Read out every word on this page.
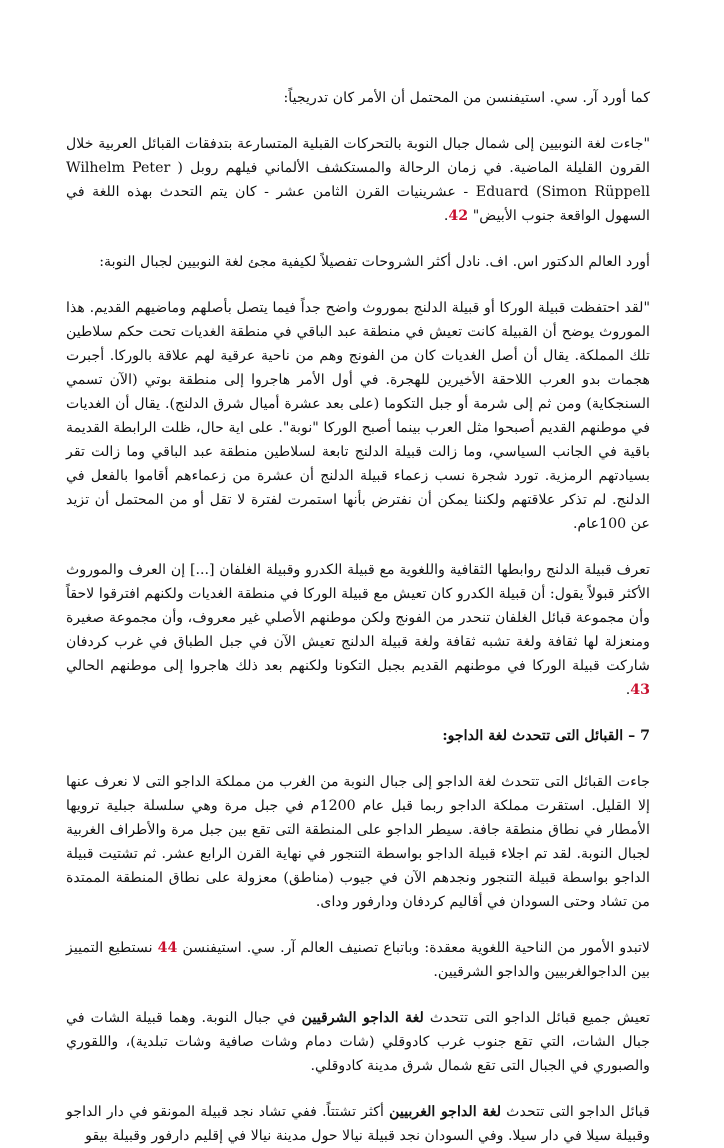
كما أورد آر. سي. استيفنسن من المحتمل أن الأمر كان تدريجياً:

"جاءت لغة النوبيين إلى شمال جبال النوبة بالتحركات القبلية المتسارعة بتدفقات القبائل العربية خلال القرون القليلة الماضية. في زمان الرحالة والمستكشف الألماني فيلهم روبل ( Wilhelm Peter Eduard (Simon Rüppell - عشرينيات القرن الثامن عشر - كان يتم التحدث بهذه اللغة في السهول الواقعة جنوب الأبيض" 42.

أورد العالم الدكتور اس. اف. نادل أكثر الشروحات تفصيلاً لكيفية مجئ لغة النوبيين لجبال النوبة:

"لقد احتفظت قبيلة الوركا أو قبيلة الدلنج بموروث واضح جداً فيما يتصل بأصلهم وماضيهم القديم. هذا الموروث يوضح أن القبيلة كانت تعيش في منطقة عبد الباقي في منطقة الغديات تحت حكم سلاطين تلك المملكة. يقال أن أصل الغديات كان من الفونج وهم من ناحية عرقية لهم علاقة بالوركا. أجبرت هجمات بدو العرب اللاحقة الأخيرين للهجرة. في أول الأمر هاجروا إلى منطقة بوتي (الآن تسمي السنجكاية) ومن ثم إلى شرمة أو جبل التكوما (على بعد عشرة أميال شرق الدلنج). يقال أن الغديات في موطنهم القديم أصبحوا مثل العرب بينما أصبح الوركا "نوبة". على اية حال، ظلت الرابطة القديمة باقية في الجانب السياسي، وما زالت قبيلة الدلنج تابعة لسلاطين منطقة عبد الباقي وما زالت تقر بسيادتهم الرمزية. تورد شجرة نسب زعماء قبيلة الدلنج أن عشرة من زعماءهم أقاموا بالفعل في الدلنج. لم تذكر علاقتهم ولكننا يمكن أن نفترض بأنها استمرت لفترة لا تقل أو من المحتمل أن تزيد عن 100عام.

تعرف قبيلة الدلنج روابطها الثقافية واللغوية مع قبيلة الكدرو وقبيلة الغلفان [...] إن العرف والموروث الأكثر قبولاً يقول: أن قبيلة الكدرو كان تعيش مع قبيلة الوركا في منطقة الغديات ولكنهم افترقوا لاحقاً وأن مجموعة قبائل الغلفان تنحدر من الفونج ولكن موطنهم الأصلي غير معروف، وأن مجموعة صغيرة ومنعزلة لها ثقافة ولغة تشبه ثقافة ولغة قبيلة الدلنج تعيش الآن في جبل الطباق في غرب كردفان شاركت قبيلة الوركا في موطنهم القديم بجبل التكونا ولكنهم بعد ذلك هاجروا إلى موطنهم الحالي 43.

7 – القبائل التى تتحدث لغة الداجو:

جاءت القبائل التى تتحدث لغة الداجو إلى جبال النوبة من الغرب من مملكة الداجو التى لا نعرف عنها إلا القليل. استقرت مملكة الداجو ربما قبل عام 1200م في جبل مرة وهي سلسلة جبلية ترويها الأمطار في نطاق منطقة جافة. سيطر الداجو على المنطقة التى تقع بين جبل مرة والأطراف الغربية لجبال النوبة. لقد تم اجلاء قبيلة الداجو بواسطة التنجور في نهاية القرن الرابع عشر. ثم تشتيت قبيلة الداجو بواسطة قبيلة التنجور ونجدهم الآن في جيوب (مناطق) معزولة على نطاق المنطقة الممتدة من تشاد وحتى السودان في أقاليم كردفان ودارفور وداى.

لاتبدو الأمور من الناحية اللغوية معقدة: وباتباع تصنيف العالم آر. سي. استيفنسن 44 نستطيع التمييز بين الداجوالغربيين والداجو الشرقيين.

تعيش جميع قبائل الداجو التى تتحدث لغة الداجو الشرقيين في جبال النوبة. وهما قبيلة الشات في جبال الشات، التي تقع جنوب غرب كادوقلي (شات دمام وشات صافية وشات تبلدية)، واللقوري والصبوري في الجبال التى تقع شمال شرق مدينة كادوقلي.

قبائل الداجو التى تتحدث لغة الداجو الغربيين أكثر تشتتاً. ففي تشاد نجد قبيلة المونقو في دار الداجو وقبيلة سيلا في دار سيلا. وفي السودان نجد قبيلة نيالا حول مدينة نيالا في إقليم دارفور وقبيلة بيقو
